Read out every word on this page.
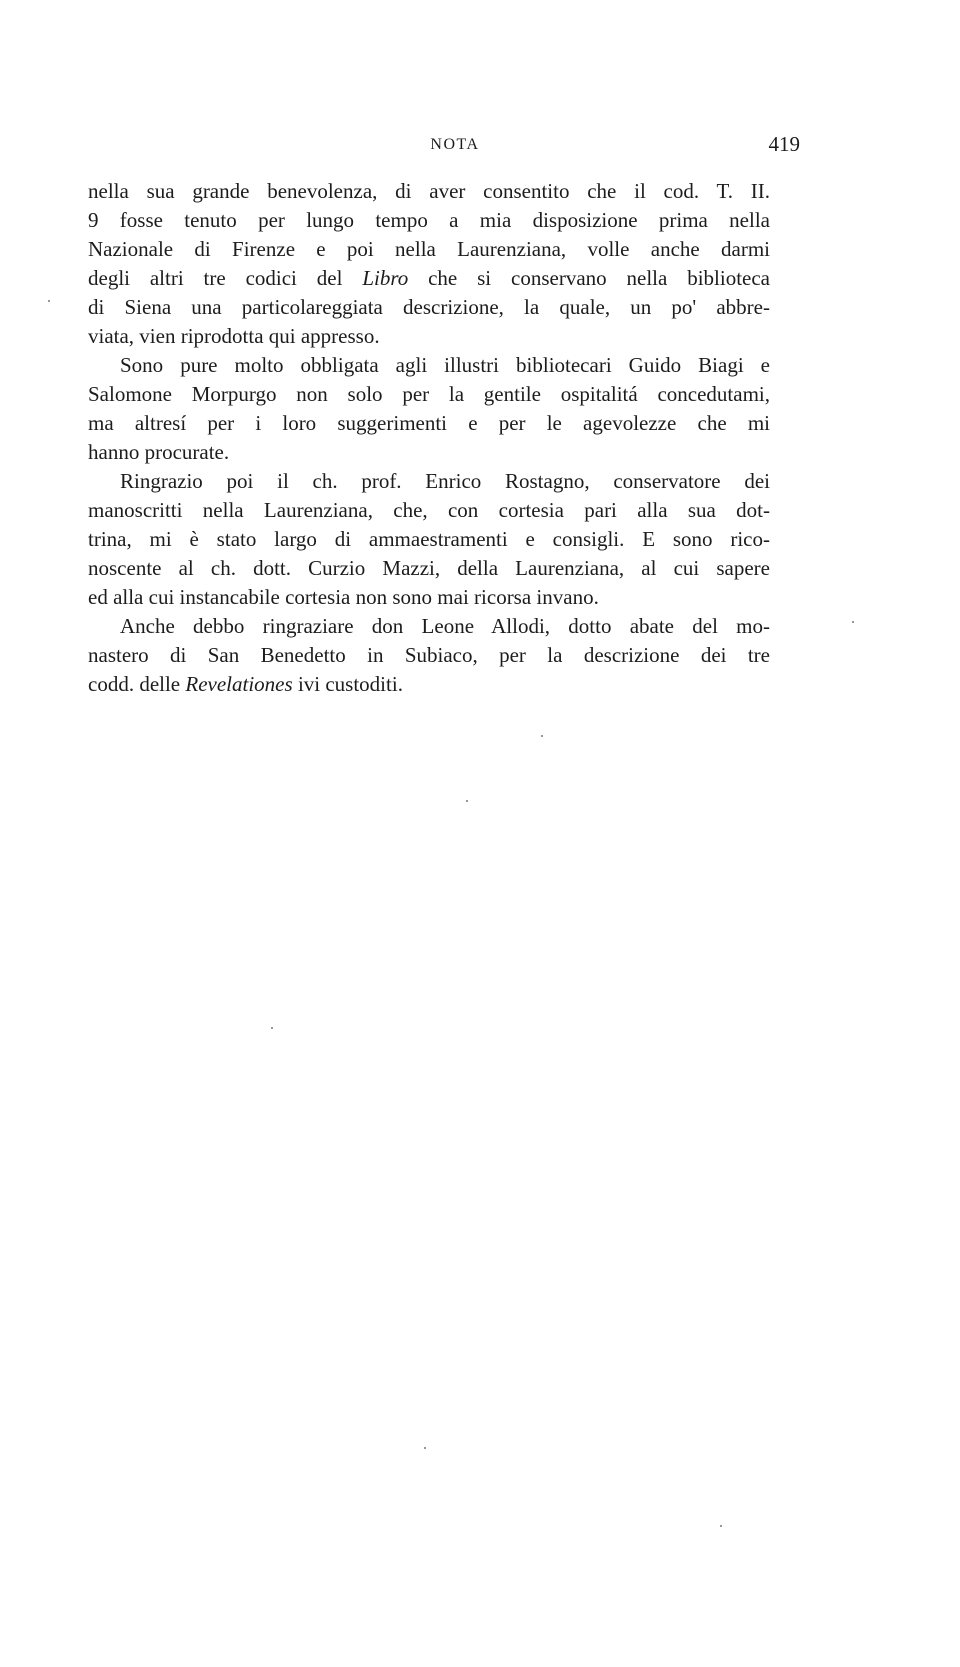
NOTA	419
nella sua grande benevolenza, di aver consentito che il cod. T. II.
9 fosse tenuto per lungo tempo a mia disposizione prima nella
Nazionale di Firenze e poi nella Laurenziana, volle anche darmi
degli altri tre codici del Libro che si conservano nella biblioteca
di Siena una particolareggiata descrizione, la quale, un po' abbre-
viata, vien riprodotta qui appresso.
Sono pure molto obbligata agli illustri bibliotecari Guido Biagi e
Salomone Morpurgo non solo per la gentile ospitalitá concedutami,
ma altresí per i loro suggerimenti e per le agevolezze che mi
hanno procurate.
Ringrazio poi il ch. prof. Enrico Rostagno, conservatore dei
manoscritti nella Laurenziana, che, con cortesia pari alla sua dot-
trina, mi è stato largo di ammaestramenti e consigli. E sono rico-
noscente al ch. dott. Curzio Mazzi, della Laurenziana, al cui sapere
ed alla cui instancabile cortesia non sono mai ricorsa invano.
Anche debbo ringraziare don Leone Allodi, dotto abate del mo-
nastero di San Benedetto in Subiaco, per la descrizione dei tre
codd. delle Revelationes ivi custoditi.
